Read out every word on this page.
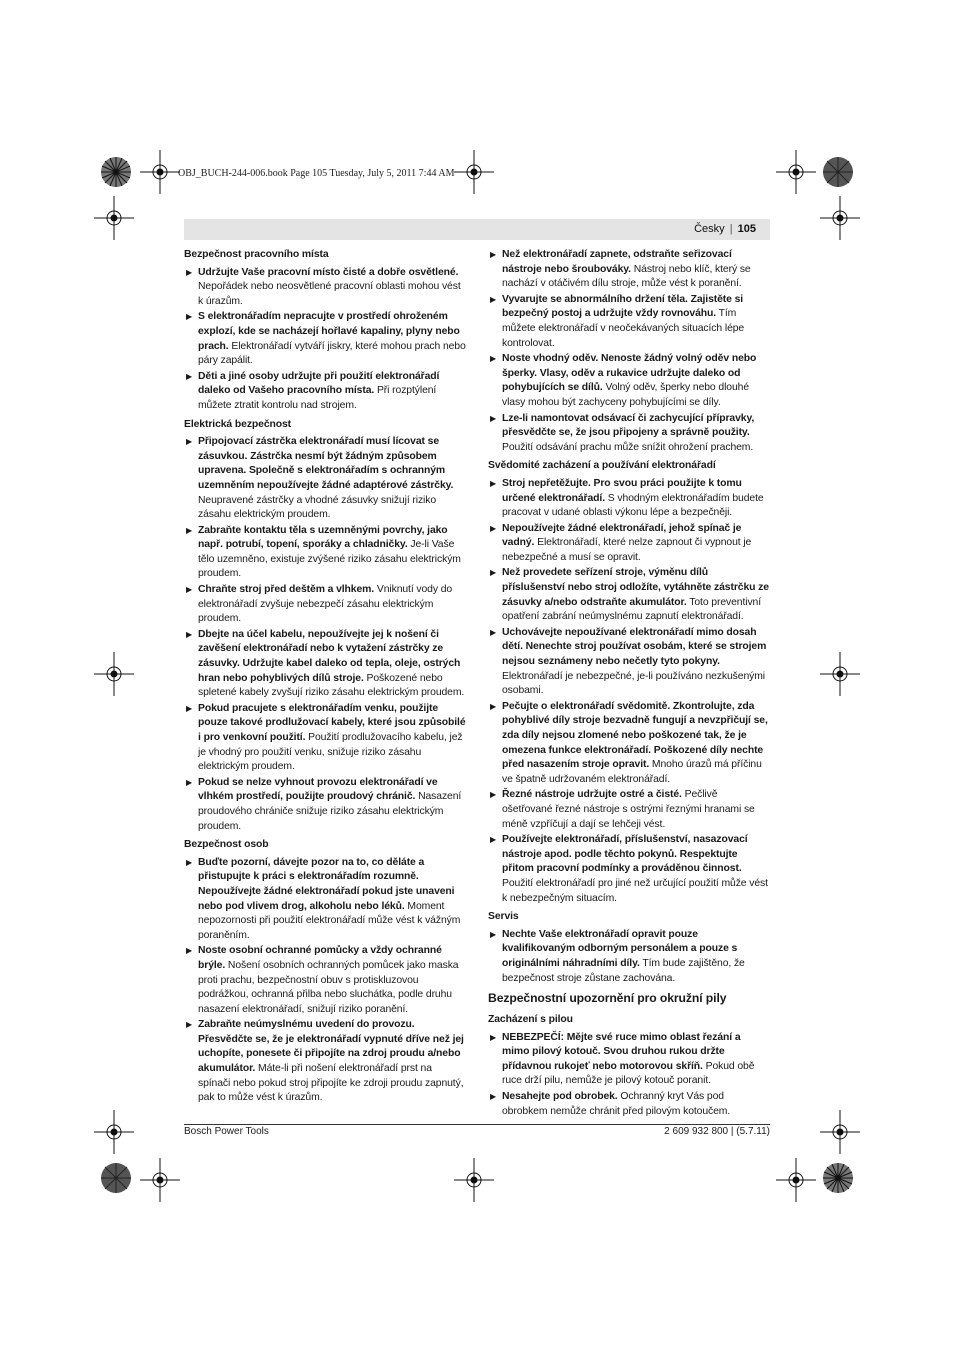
OBJ_BUCH-244-006.book Page 105 Tuesday, July 5, 2011 7:44 AM
Česky | 105
Bezpečnost pracovního místa
▶ Udržujte Vaše pracovní místo čisté a dobře osvětlené. Nepořádek nebo neosvětlené pracovní oblasti mohou vést k úrazům.
▶ S elektronářadím nepracujte v prostředí ohroženém explozí, kde se nacházejí hořlavé kapaliny, plyny nebo prach. Elektronářadí vytváří jiskry, které mohou prach nebo páry zapálit.
▶ Děti a jiné osoby udržujte při použití elektronářadí daleko od Vašeho pracovního místa. Při rozptýlení můžete ztratit kontrolu nad strojem.
Elektrická bezpečnost
▶ Připojovací zástrčka elektronářadí musí lícovat se zásuvkou. Zástrčka nesmí být žádným způsobem upravena. Společně s elektronářadím s ochranným uzemněním nepoužívejte žádné adaptérové zástrčky. Neupravené zástrčky a vhodné zásuvky snižují riziko zásahu elektrickým proudem.
▶ Zabraňte kontaktu těla s uzemněnými povrchy, jako např. potrubí, topení, sporáky a chladničky. Je-li Vaše tělo uzemněno, existuje zvýšené riziko zásahu elektrickým proudem.
▶ Chraňte stroj před deštěm a vlhkem. Vniknutí vody do elektronářadí zvyšuje nebezpečí zásahu elektrickým proudem.
▶ Dbejte na účel kabelu, nepoužívejte jej k nošení či zavěšení elektronářadí nebo k vytažení zástrčky ze zásuvky. Udržujte kabel daleko od tepla, oleje, ostrých hran nebo pohyblivých dílů stroje. Poškozené nebo spletené kabely zvyšují riziko zásahu elektrickým proudem.
▶ Pokud pracujete s elektronářadím venku, použijte pouze takové prodlužovací kabely, které jsou způsobilé i pro venkovní použití. Použití prodlužovacího kabelu, jež je vhodný pro použití venku, snižuje riziko zásahu elektrickým proudem.
▶ Pokud se nelze vyhnout provozu elektronářadí ve vlhkém prostředí, použijte proudový chránič. Nasazení proudového chrániče snižuje riziko zásahu elektrickým proudem.
Bezpečnost osob
▶ Buďte pozorní, dávejte pozor na to, co děláte a přistupujte k práci s elektronářadím rozumně. Nepoužívejte žádné elektronářadí pokud jste unaveni nebo pod vlivem drog, alkoholu nebo léků. Moment nepozornosti při použití elektronářadí může vést k vážným poraněním.
▶ Noste osobní ochranné pomůcky a vždy ochranné brýle. Nošení osobních ochranných pomůcek jako maska proti prachu, bezpečnostní obuv s protiskluzovou podrážkou, ochranná přilba nebo sluchátka, podle druhu nasazení elektronářadí, snižují riziko poranění.
▶ Zabraňte neúmyslnému uvedení do provozu. Přesvědčte se, že je elektronářadí vypnuté dříve než jej uchopíte, ponesete či připojíte na zdroj proudu a/nebo akumulátor. Máte-li při nošení elektronářadí prst na spínači nebo pokud stroj připojíte ke zdroji proudu zapnutý, pak to může vést k úrazům.
▶ Než elektronářadí zapnete, odstraňte seřizovací nástroje nebo šroubováky. Nástroj nebo klíč, který se nachází v otáčivém dílu stroje, může vést k poranění.
▶ Vyvarujte se abnormálního držení těla. Zajistěte si bezpečný postoj a udržujte vždy rovnováhu. Tím můžete elektronářadí v neočekávaných situacích lépe kontrolovat.
▶ Noste vhodný oděv. Nenoste žádný volný oděv nebo šperky. Vlasy, oděv a rukavice udržujte daleko od pohybujících se dílů. Volný oděv, šperky nebo dlouhé vlasy mohou být zachyceny pohybujícími se díly.
▶ Lze-li namontovat odsávací či zachycující přípravky, přesvědčte se, že jsou připojeny a správně použity. Použití odsávání prachu může snížit ohrožení prachem.
Svědomité zacházení a používání elektronářadí
▶ Stroj nepřetěžujte. Pro svou práci použijte k tomu určené elektronářadí. S vhodným elektronářadím budete pracovat v udané oblasti výkonu lépe a bezpečněji.
▶ Nepoužívejte žádné elektronářadí, jehož spínač je vadný. Elektronářadí, které nelze zapnout či vypnout je nebezpečné a musí se opravit.
▶ Než provedete seřízení stroje, výměnu dílů příslušenství nebo stroj odložíte, vytáhněte zástrčku ze zásuvky a/nebo odstraňte akumulátor. Toto preventivní opatření zabrání neúmyslnému zapnutí elektronářadí.
▶ Uchovávejte nepoužívané elektronářadí mimo dosah dětí. Nenechte stroj používat osobám, které se strojem nejsou seznámeny nebo nečetly tyto pokyny. Elektronářadí je nebezpečné, je-li používáno nezkušenými osobami.
▶ Pečujte o elektronářadí svědomitě. Zkontrolujte, zda pohyblivé díly stroje bezvadně fungují a nevzpřičují se, zda díly nejsou zlomené nebo poškozené tak, že je omezena funkce elektronářadí. Poškozené díly nechte před nasazením stroje opravit. Mnoho úrazů má příčinu ve špatně udržovaném elektronářadí.
▶ Řezné nástroje udržujte ostré a čisté. Pečlivě ošetřované řezné nástroje s ostrými řeznými hranami se méně vzpříčují a dají se lehčeji vést.
▶ Používejte elektronářadí, příslušenství, nasazovací nástroje apod. podle těchto pokynů. Respektujte přitom pracovní podmínky a prováděnou činnost. Použití elektronářadí pro jiné než určující použití může vést k nebezpečným situacím.
Servis
▶ Nechte Vaše elektronářadí opravit pouze kvalifikovaným odborným personálem a pouze s originálními náhradními díly. Tím bude zajištěno, že bezpečnost stroje zůstane zachována.
Bezpečnostní upozornění pro okružní pily
Zacházení s pilou
▶ NEBEZPEČÍ: Mějte své ruce mimo oblast řezání a mimo pilový kotouč. Svou druhou rukou držte přídavnou rukojeť nebo motorovou skříň. Pokud obě ruce drží pilu, nemůže je pilový kotouč poranit.
▶ Nesahejte pod obrobek. Ochranný kryt Vás pod obrobkem nemůže chránit před pilovým kotoučem.
Bosch Power Tools	2 609 932 800 | (5.7.11)
